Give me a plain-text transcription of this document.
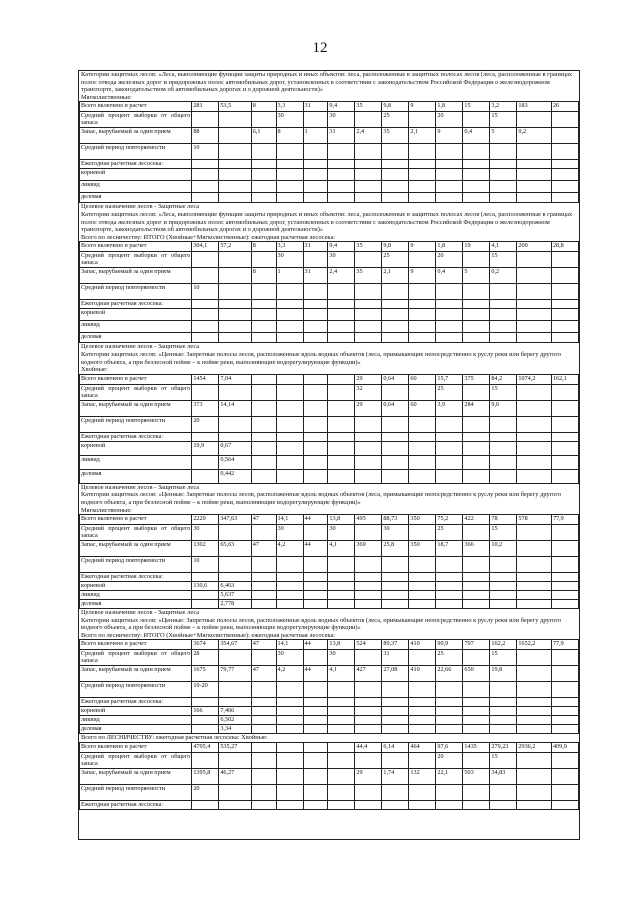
12
Категории защитных лесов: «Леса, выполняющие функции защиты природных и иных объектов: леса, расположенные в защитных полосах лесов (леса, расположенные в границах полос отвода железных дорог и придорожных полос автомобильных дорог, установленных в соответствии с законодательством Российской Федерации о железнодорожном транспорте, законодательством об автомобильных дорогах и о дорожной деятельности)»
Мягколиственные:
Всего включено в расчет	281	53,5	8	3,3	31	9,4	35	9,8	9	1,8	15	3,2	183	26
Средний процент выборки от общего запаса				30		30		25		20		15		
Запас, вырубаемый за один прием	88		6,1	8	1	31	2,4	35	2,1	9	0,4	5	0,2	
Средний период повторяемости	10													
Ежегодная расчетная лесосека:														
корневой														
ликвид														
деловая														
Целевое назначение лесов - Защитные леса
Категории защитных лесов: «Леса, выполняющие функции защиты природных и иных объектов: леса, расположенные в защитных полосах лесов (леса, расположенные в границах полос отвода железных дорог и придорожных полос автомобильных дорог, установленных в соответствии с законодательством Российской Федерации о железнодорожном транспорте, законодательством об автомобильных дорогах и о дорожной деятельности)»
Всего по лесничеству: ИТОГО (Хвойные+Мягколиственные): ежегодная расчетная лесосека:
Всего включено в расчет	304,1	57,2	8	3,3	31	9,4	35	9,8	9	1,8	19	4,1	200	28,8
Средний процент выборки от общего запаса				30		30		25		20		15		
Запас, вырубаемый за один прием			8	1	31	2,4	35	2,1	9	0,4	5	0,2		
Средний период повторяемости	10													
Ежегодная расчетная лесосека:														
корневой														
ликвид														
деловая														
Целевое назначение лесов - Защитные леса
Категории защитных лесов: «Ценные: Запретные полосы лесов, расположенные вдоль водных объектов (леса, примыкающие непосредственно к руслу реки или берегу другого водного объекта, а при безлесной пойме – к пойме реки, выполняющие водорегулирующие функции)»
Хвойные:
Всего включено в расчет	1454	7,04					29	0,64	60	15,7	375	84,2	1074,2	162,1
Средний процент выборки от общего запаса							32			25		15		
Запас, вырубаемый за один прием	373	14,14					29	0,64	60	3,9	284	9,6		
Средний период повторяемости	20													
Ежегодная расчетная лесосека:														
корневой	19,9	0,67												
ликвид		0,564												
деловая		0,442												
Целевое назначение лесов - Защитные леса
Категории защитных лесов: «Ценные: Запретные полосы лесов, расположенные вдоль водных объектов (леса, примыкающие непосредственно к руслу реки или берегу другого водного объекта, а при безлесной пойме – к пойме реки, выполняющие водорегулирующие функции)»
Мягколиственные:
Всего включено в расчет	2220	347,63	47	14,1	44	13,8	495	88,73	350	75,2	422	78	578	77,9
Средний процент выборки от общего запаса	30			30		30		30		25		15		
Запас, вырубаемый за один прием	1302	65,63	47	4,2	44	4,1	369	25,8	350	18,7	366	10,2		
Средний период повторяемости	10													
Ежегодная расчетная лесосека:														
корневой	130,6	6,463												
ликвид		5,637												
деловая		2,778												
Целевое назначение лесов - Защитные леса
Категории защитных лесов: «Ценные: Запретные полосы лесов, расположенные вдоль водных объектов (леса, примыкающие непосредственно к руслу реки или берегу другого водного объекта, а при безлесной пойме – к пойме реки, выполняющие водорегулирующие функции)»
Всего по лесничеству: ИТОГО (Хвойные+Мягколиственные): ежегодная расчетная лесосека:
Всего включено в расчет	3674	354,67	47	14,1	44	13,8	524	89,37	410	90,9	797	162,2	1652,2	77,9
Средний процент выборки от общего запаса	28			30		30		31		25		15		
Запас, вырубаемый за один прием	1675	79,77	47	4,2	44	4,1	427	27,08	410	22,66	650	19,8		
Средний период повторяемости	10-20													
Ежегодная расчетная лесосека:														
корневой	166	7,466												
ликвид		6,502												
деловая		3,34												
Всего по ЛЕСНИЧЕСТВУ: ежегодная расчетная лесосека: Хвойные:
Всего включено в расчет	4795,4	535,27					44,4	6,14	464	97,6	1435	279,23	2936,2	409,9
Средний процент выборки от общего запаса										20		15		
Запас, вырубаемый за один прием	1395,8	46,27					29	1,74	132	22,1	503	34,83		
Средний период повторяемости	20													
Ежегодная расчетная лесосека:														
